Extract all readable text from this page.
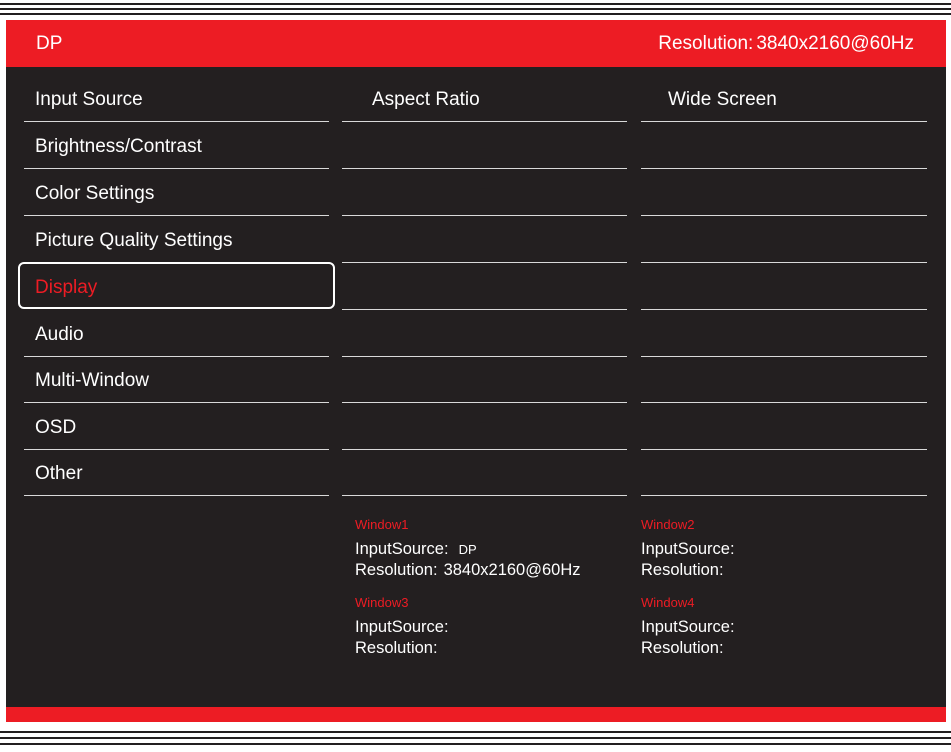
DP	Resolution: 3840x2160@60Hz
Input Source
Brightness/Contrast
Color Settings
Picture Quality Settings
Display
Audio
Multi-Window
OSD
Other
Aspect Ratio	Wide Screen
Window1
InputSource: DP
Resolution: 3840x2160@60Hz
Window2
InputSource:
Resolution:
Window3
InputSource:
Resolution:
Window4
InputSource:
Resolution:
